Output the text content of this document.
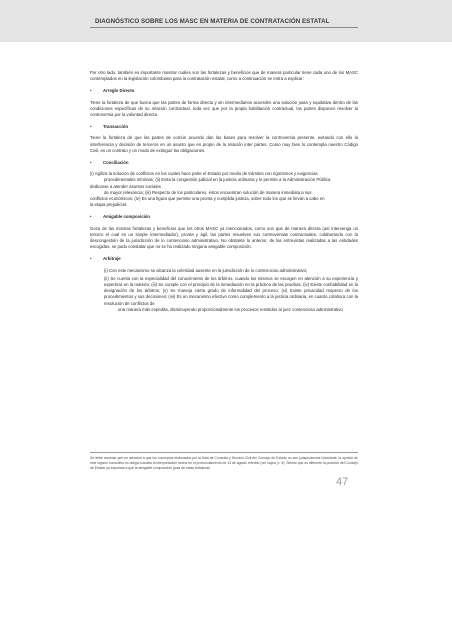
DIAGNÓSTICO SOBRE LOS MASC EN MATERIA DE CONTRATACIÓN ESTATAL

Por otro lado, también es importante mostrar cuáles son las fortalezas y beneficios que de manera particular tiene cada uno de los MASC contemplados en la legislación colombiana para la contratación estatal, como a continuación se entra a explicar:

•	Arreglo Directo

Tiene la fortaleza de que busca que las partes de forma directa y sin intermediarios acuerden una solución justa y equitativa dentro de las condiciones específicas de su relación contractual, toda vez que por la propia habilitación contractual, las partes disponen resolver la controversia por la voluntad directa.

•	Transacción

Tiene la fortaleza de que las partes de común acuerdo dan las bases para resolver la controversia presente, evitando con ello la interferencia y decisión de terceros en un asunto que es propio de la relación inter partes. Como muy bien lo contempla nuestro Código Civil, es un contrato y un modo de extinguir las obligaciones.

•	Conciliación
(i) Agiliza la solución de conflictos en los cuales hace parte el Estado por medio de trámites con rigorismos y exigencias
procedimentales mínimas; (ii) Evita la congestión judicial en la justicia ordinaria y le permite a la Administración Pública
dedicarse a atender asuntos sociales
de mayor relevancia; (iii) Respecto de los particulares, éstos encuentran solución de manera inmediata a sus
conflictos económicos; (iv) Es una figura que permite una pronta y cumplida justicia, sobre todo los que se llevan a cabo en
la etapa prejudicial.
•	Amigable composición

Goza de las mismas fortalezas y beneficios que los otros MASC ya mencionados, como son que de manera directa (así intervenga un tercero el cual es un simple intermediador), pronta y ágil, las partes resuelven sus controversias contractuales, colaborando con la descongestión de la jurisdicción de lo contencioso administrativo. No obstante lo anterior, de las entrevistas realizadas a las entidades escogidas, se pudo constatar que no se ha realizado ninguna amigable composición.

•	Arbitraje
(i) Con este mecanismo se alcanza la celeridad ausente en la jurisdicción de lo contencioso administrativo;
(ii) Se cuenta con la especialidad del conocimiento de los árbitros, cuando los mismos se escogen en atención a su experiencia y experticia en la materia; (iii) Se cumple con el principio de la inmediación en la práctica de las pruebas; (iv) Existe confiabilidad en la designación de los árbitros; (v) Se maneja cierta grado de informalidad del proceso; (vi) Existe privacidad respecto de los procedimientos y sus decisiones; (vii) Es un mecanismo efectivo como complemento a la justicia ordinaria, en cuanto colabora con la resolución de conflictos de
una manera más expedita, disminuyendo proporcionalmente los procesos remitidos al juez contencioso administrativo
Se debe recordar que en atención a que los conceptos elaborados por la Sala de Consulta y Servicio Civil del Consejo de Estado no son jurisprudencia vinculante, la opinión de este órgano consultivo no obliga a acatar la interpretación hecha en el pronunciamiento de 13 de agosto referido (ver supra, p. 6). Siendo que es diferente la posición del Consejo de Estado ya expuesta a que la amigable composición goza de estas fortalezas.
47
